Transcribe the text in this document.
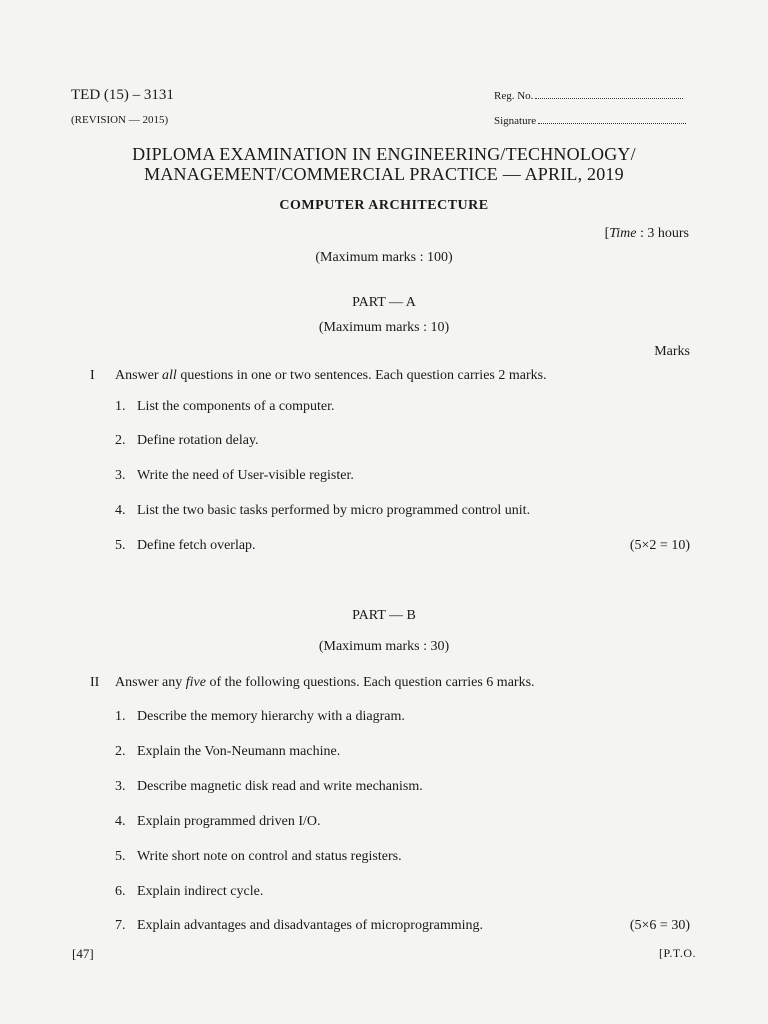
TED (15) – 3131
(REVISION — 2015)
Reg. No.
Signature
DIPLOMA EXAMINATION IN ENGINEERING/TECHNOLOGY/
MANAGEMENT/COMMERCIAL PRACTICE — APRIL, 2019
COMPUTER ARCHITECTURE
[Time : 3 hours
(Maximum marks : 100)
PART — A
(Maximum marks : 10)
Marks
I Answer all questions in one or two sentences. Each question carries 2 marks.
1. List the components of a computer.
2. Define rotation delay.
3. Write the need of User-visible register.
4. List the two basic tasks performed by micro programmed control unit.
5. Define fetch overlap.	(5×2 = 10)
PART — B
(Maximum marks : 30)
II Answer any five of the following questions. Each question carries 6 marks.
1. Describe the memory hierarchy with a diagram.
2. Explain the Von-Neumann machine.
3. Describe magnetic disk read and write mechanism.
4. Explain programmed driven I/O.
5. Write short note on control and status registers.
6. Explain indirect cycle.
7. Explain advantages and disadvantages of microprogramming.	(5×6 = 30)
[47]	[P.T.O.
